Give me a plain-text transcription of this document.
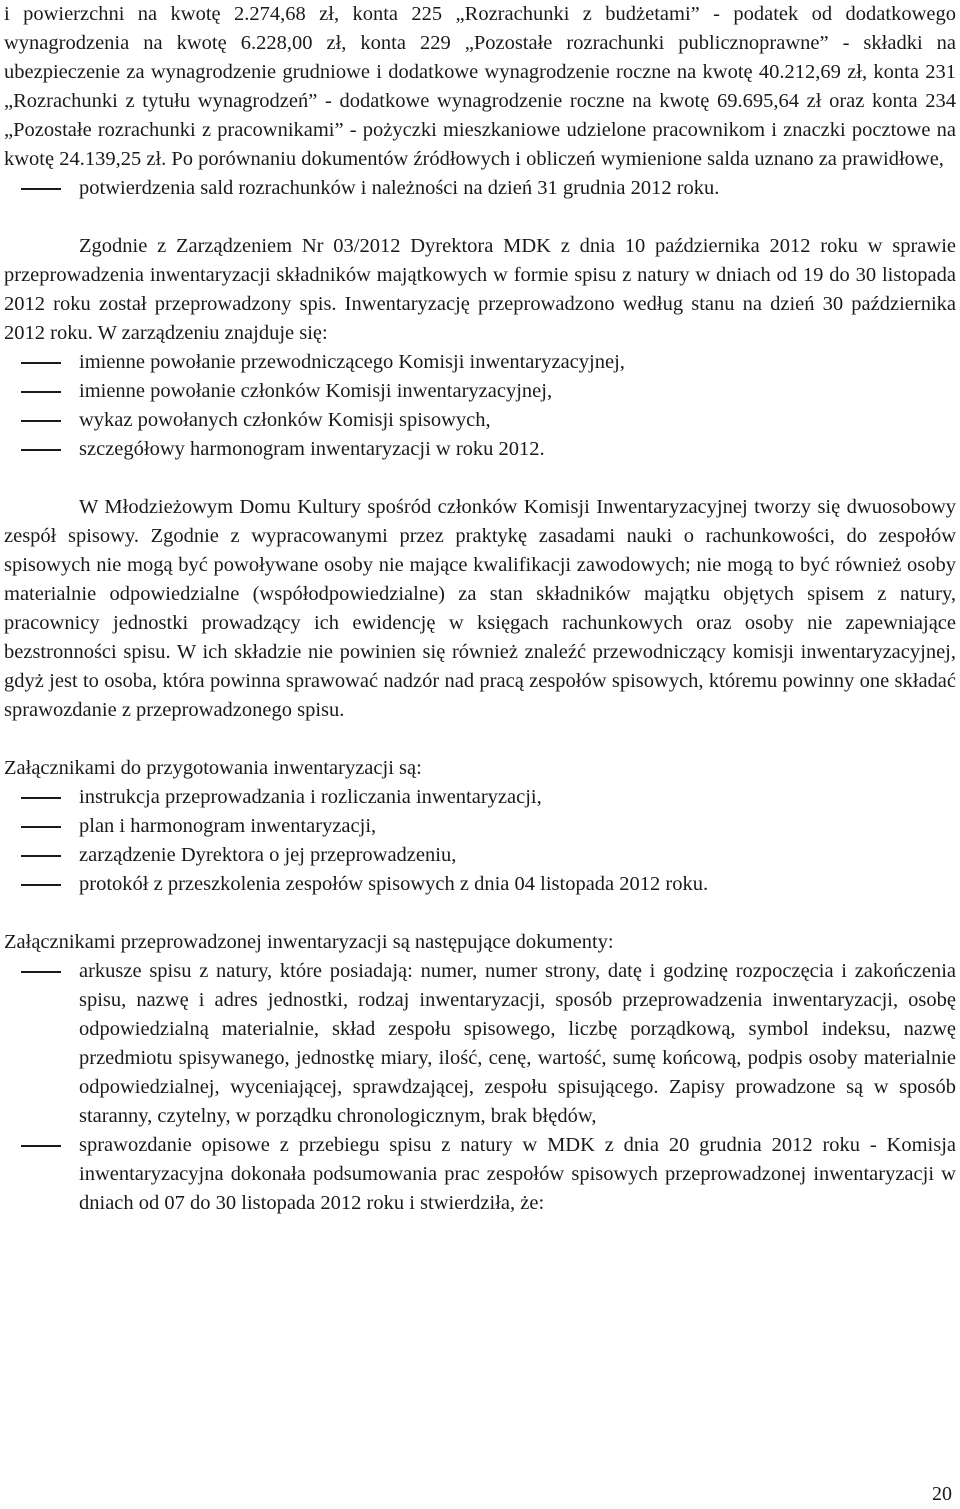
i powierzchni na kwotę 2.274,68 zł, konta 225 „Rozrachunki z budżetami” - podatek od dodatkowego wynagrodzenia na kwotę 6.228,00 zł, konta 229 „Pozostałe rozrachunki publicznoprawne” - składki na ubezpieczenie za wynagrodzenie grudniowe i dodatkowe wynagrodzenie roczne na kwotę 40.212,69 zł, konta 231 „Rozrachunki z tytułu wynagrodzeń” - dodatkowe wynagrodzenie roczne na kwotę 69.695,64 zł oraz konta 234 „Pozostałe rozrachunki z pracownikami” - pożyczki mieszkaniowe udzielone pracownikom i znaczki pocztowe na kwotę 24.139,25 zł. Po porównaniu dokumentów źródłowych i obliczeń wymienione salda uznano za prawidłowe,

potwierdzenia sald rozrachunków i należności na dzień 31 grudnia 2012 roku.

Zgodnie z Zarządzeniem Nr 03/2012 Dyrektora MDK z dnia 10 października 2012 roku w sprawie przeprowadzenia inwentaryzacji składników majątkowych w formie spisu z natury w dniach od 19 do 30 listopada 2012 roku został przeprowadzony spis. Inwentaryzację przeprowadzono według stanu na dzień 30 października 2012 roku. W zarządzeniu znajduje się:

imienne powołanie przewodniczącego Komisji inwentaryzacyjnej,
imienne powołanie członków Komisji inwentaryzacyjnej,
wykaz powołanych członków Komisji spisowych,
szczegółowy harmonogram inwentaryzacji w roku 2012.

W Młodzieżowym Domu Kultury spośród członków Komisji Inwentaryzacyjnej tworzy się dwuosobowy zespół spisowy. Zgodnie z wypracowanymi przez praktykę zasadami nauki o rachunkowości, do zespołów spisowych nie mogą być powoływane osoby nie mające kwalifikacji zawodowych; nie mogą to być również osoby materialnie odpowiedzialne (współodpowiedzialne) za stan składników majątku objętych spisem z natury, pracownicy jednostki prowadzący ich ewidencję w księgach rachunkowych oraz osoby nie zapewniające bezstronności spisu. W ich składzie nie powinien się również znaleźć przewodniczący komisji inwentaryzacyjnej, gdyż jest to osoba, która powinna sprawować nadzór nad pracą zespołów spisowych, któremu powinny one składać sprawozdanie z przeprowadzonego spisu.

Załącznikami do przygotowania inwentaryzacji są:

instrukcja przeprowadzania i rozliczania inwentaryzacji,
plan i harmonogram inwentaryzacji,
zarządzenie Dyrektora o jej przeprowadzeniu,
protokół z przeszkolenia zespołów spisowych z dnia 04 listopada 2012 roku.

Załącznikami przeprowadzonej inwentaryzacji są następujące dokumenty:

arkusze spisu z natury, które posiadają: numer, numer strony, datę i godzinę rozpoczęcia i zakończenia spisu, nazwę i adres jednostki, rodzaj inwentaryzacji, sposób przeprowadzenia inwentaryzacji, osobę odpowiedzialną materialnie, skład zespołu spisowego, liczbę porządkową, symbol indeksu, nazwę przedmiotu spisywanego, jednostkę miary, ilość, cenę, wartość, sumę końcową, podpis osoby materialnie odpowiedzialnej, wyceniającej, sprawdzającej, zespołu spisującego. Zapisy prowadzone są w sposób staranny, czytelny, w porządku chronologicznym, brak błędów,
sprawozdanie opisowe z przebiegu spisu z natury w MDK z dnia 20 grudnia 2012 roku - Komisja inwentaryzacyjna dokonała podsumowania prac zespołów spisowych przeprowadzonej inwentaryzacji w dniach od 07 do 30 listopada 2012 roku i stwierdziła, że:
20
